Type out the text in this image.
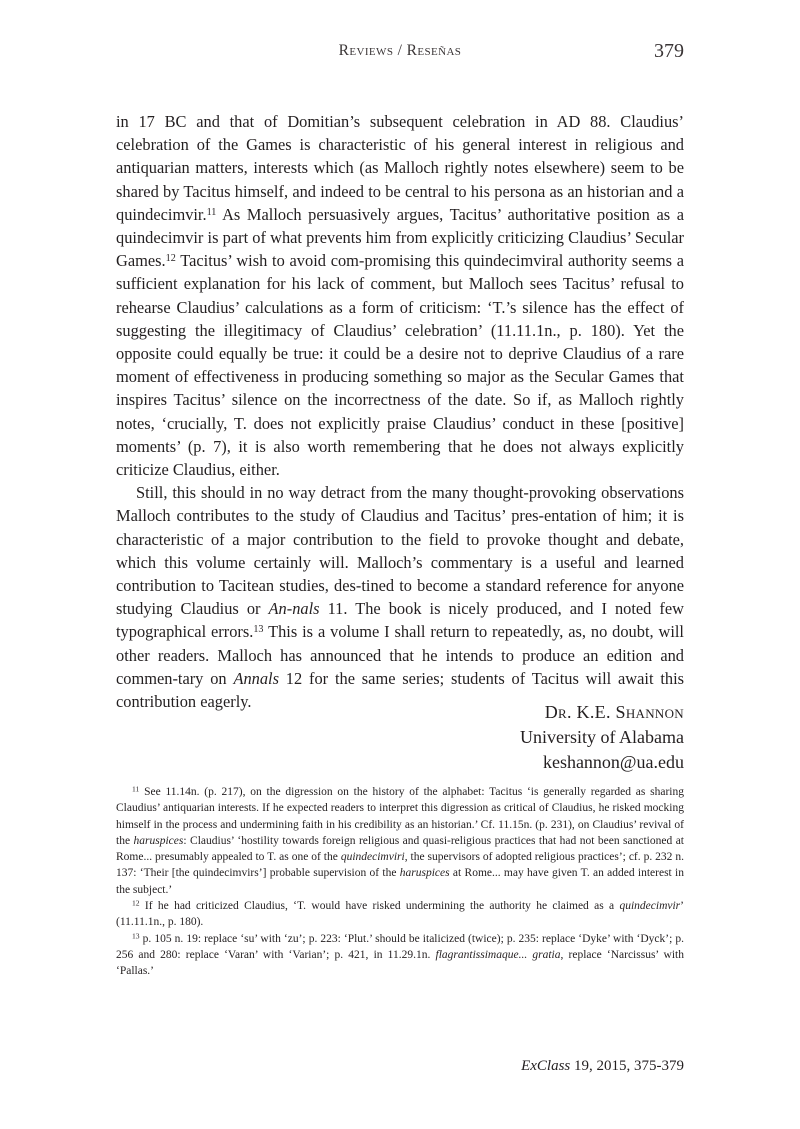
Reviews / Reseñas	379

in 17 BC and that of Domitian’s subsequent celebration in AD 88. Claudius’ celebration of the Games is characteristic of his general interest in religious and antiquarian matters, interests which (as Malloch rightly notes elsewhere) seem to be shared by Tacitus himself, and indeed to be central to his persona as an historian and a quindecimvir.$^{11}$ As Malloch persuasively argues, Tacitus’ authoritative position as a quindecimvir is part of what prevents him from explicitly criticizing Claudius’ Secular Games.$^{12}$ Tacitus’ wish to avoid com⁠-⁠promising this quindecimviral authority seems a sufficient explanation for his lack of comment, but Malloch sees Tacitus’ refusal to rehearse Claudius’ calculations as a form of criticism: ‘T.’s silence has the effect of suggesting the illegitimacy of Claudius’ celebration’ (11.11.1n., p. 180). Yet the opposite could equally be true: it could be a desire not to deprive Claudius of a rare moment of effectiveness in producing something so major as the Secular Games that inspires Tacitus’ silence on the incorrectness of the date. So if, as Malloch rightly notes, ‘crucially, T. does not explicitly praise Claudius’ conduct in these [positive] moments’ (p. 7), it is also worth remembering that he does not always explicitly criticize Claudius, either.

Still, this should in no way detract from the many thought-provoking observations Malloch contributes to the study of Claudius and Tacitus’ pres⁠-⁠entation of him; it is characteristic of a major contribution to the field to provoke thought and debate, which this volume certainly will. Malloch’s commentary is a useful and learned contribution to Tacitean studies, des⁠-⁠tined to become a standard reference for anyone studying Claudius or An⁠-⁠nals 11. The book is nicely produced, and I noted few typographical errors.$^{13}$ This is a volume I shall return to repeatedly, as, no doubt, will other readers. Malloch has announced that he intends to produce an edition and commen⁠-⁠tary on Annals 12 for the same series; students of Tacitus will await this contribution eagerly.

Dr. K.E. Shannon
University of Alabama
keshannon@ua.edu

$^{11}$ See 11.14n. (p. 217), on the digression on the history of the alphabet: Tacitus ‘is generally regarded as sharing Claudius’ antiquarian interests. If he expected readers to interpret this digression as critical of Claudius, he risked mocking himself in the process and undermining faith in his credibility as an historian.’ Cf. 11.15n. (p. 231), on Claudius’ revival of the haruspices: Claudius’ ‘hostility towards foreign religious and quasi-religious practices that had not been sanctioned at Rome... presumably appealed to T. as one of the quindecimviri, the supervisors of adopted religious practices’; cf. p. 232 n. 137: ‘Their [the quindecimvirs’] probable supervision of the haruspices at Rome... may have given T. an added interest in the subject.’

$^{12}$ If he had criticized Claudius, ‘T. would have risked undermining the authority he claimed as a quindecimvir’ (11.11.1n., p. 180).

$^{13}$ p. 105 n. 19: replace ‘su’ with ‘zu’; p. 223: ‘Plut.’ should be italicized (twice); p. 235: replace ‘Dyke’ with ‘Dyck’; p. 256 and 280: replace ‘Varan’ with ‘Varian’; p. 421, in 11.29.1n. flagrantissimaque... gratia, replace ‘Narcissus’ with ‘Pallas.’

ExClass 19, 2015, 375-379
